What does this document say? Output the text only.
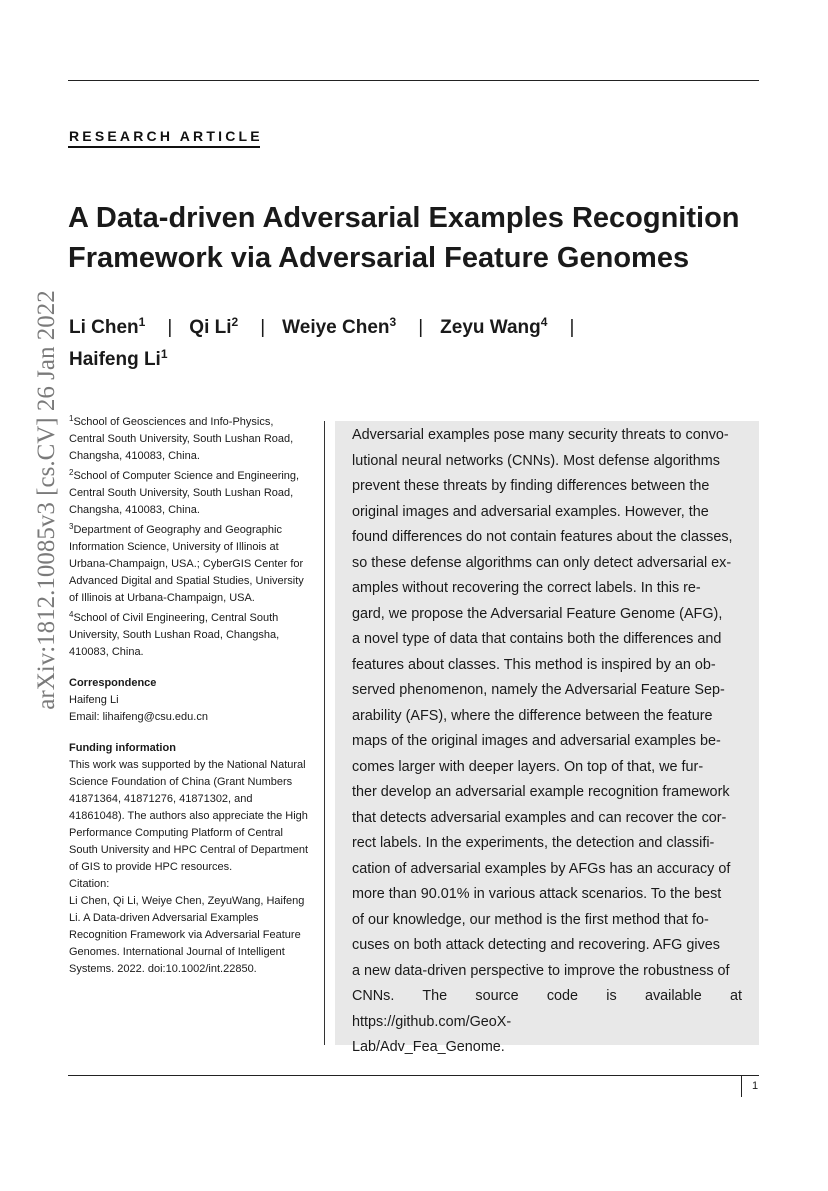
RESEARCH ARTICLE
arXiv:1812.10085v3 [cs.CV] 26 Jan 2022
A Data-driven Adversarial Examples Recognition
Framework via Adversarial Feature Genomes
Li Chen$^1$ | Qi Li$^2$ | Weiye Chen$^3$ | Zeyu Wang$^4$ |
Haifeng Li$^1$

$^1$School of Geosciences and Info-Physics, Central South University, South Lushan Road, Changsha, 410083, China.

$^2$School of Computer Science and Engineering, Central South University, South Lushan Road, Changsha, 410083, China.

$^3$Department of Geography and Geographic Information Science, University of Illinois at Urbana-Champaign, USA.; CyberGIS Center for Advanced Digital and Spatial Studies, University of Illinois at Urbana-Champaign, USA.

$^4$School of Civil Engineering, Central South University, South Lushan Road, Changsha, 410083, China.

Correspondence

Haifeng Li

Email: lihaifeng@csu.edu.cn

Funding information

This work was supported by the National Natural Science Foundation of China (Grant Numbers 41871364, 41871276, 41871302, and 41861048). The authors also appreciate the High Performance Computing Platform of Central South University and HPC Central of Department of GIS to provide HPC resources.

Citation:

Li Chen, Qi Li, Weiye Chen, ZeyuWang, Haifeng Li. A Data-driven Adversarial Examples Recognition Framework via Adversarial Feature Genomes. International Journal of Intelligent Systems. 2022. doi:10.1002/int.22850.

Adversarial examples pose many security threats to convo-
lutional neural networks (CNNs). Most defense algorithms
prevent these threats by finding differences between the
original images and adversarial examples. However, the
found differences do not contain features about the classes,
so these defense algorithms can only detect adversarial ex-
amples without recovering the correct labels. In this re-
gard, we propose the Adversarial Feature Genome (AFG),
a novel type of data that contains both the differences and
features about classes. This method is inspired by an ob-
served phenomenon, namely the Adversarial Feature Sep-
arability (AFS), where the difference between the feature
maps of the original images and adversarial examples be-
comes larger with deeper layers. On top of that, we fur-
ther develop an adversarial example recognition framework
that detects adversarial examples and can recover the cor-
rect labels. In the experiments, the detection and classifi-
cation of adversarial examples by AFGs has an accuracy of
more than 90.01% in various attack scenarios. To the best
of our knowledge, our method is the first method that fo-
cuses on both attack detecting and recovering. AFG gives
a new data-driven perspective to improve the robustness of
CNNs. The source code is available at https://github.com/GeoX-
Lab/Adv_Fea_Genome.

1
